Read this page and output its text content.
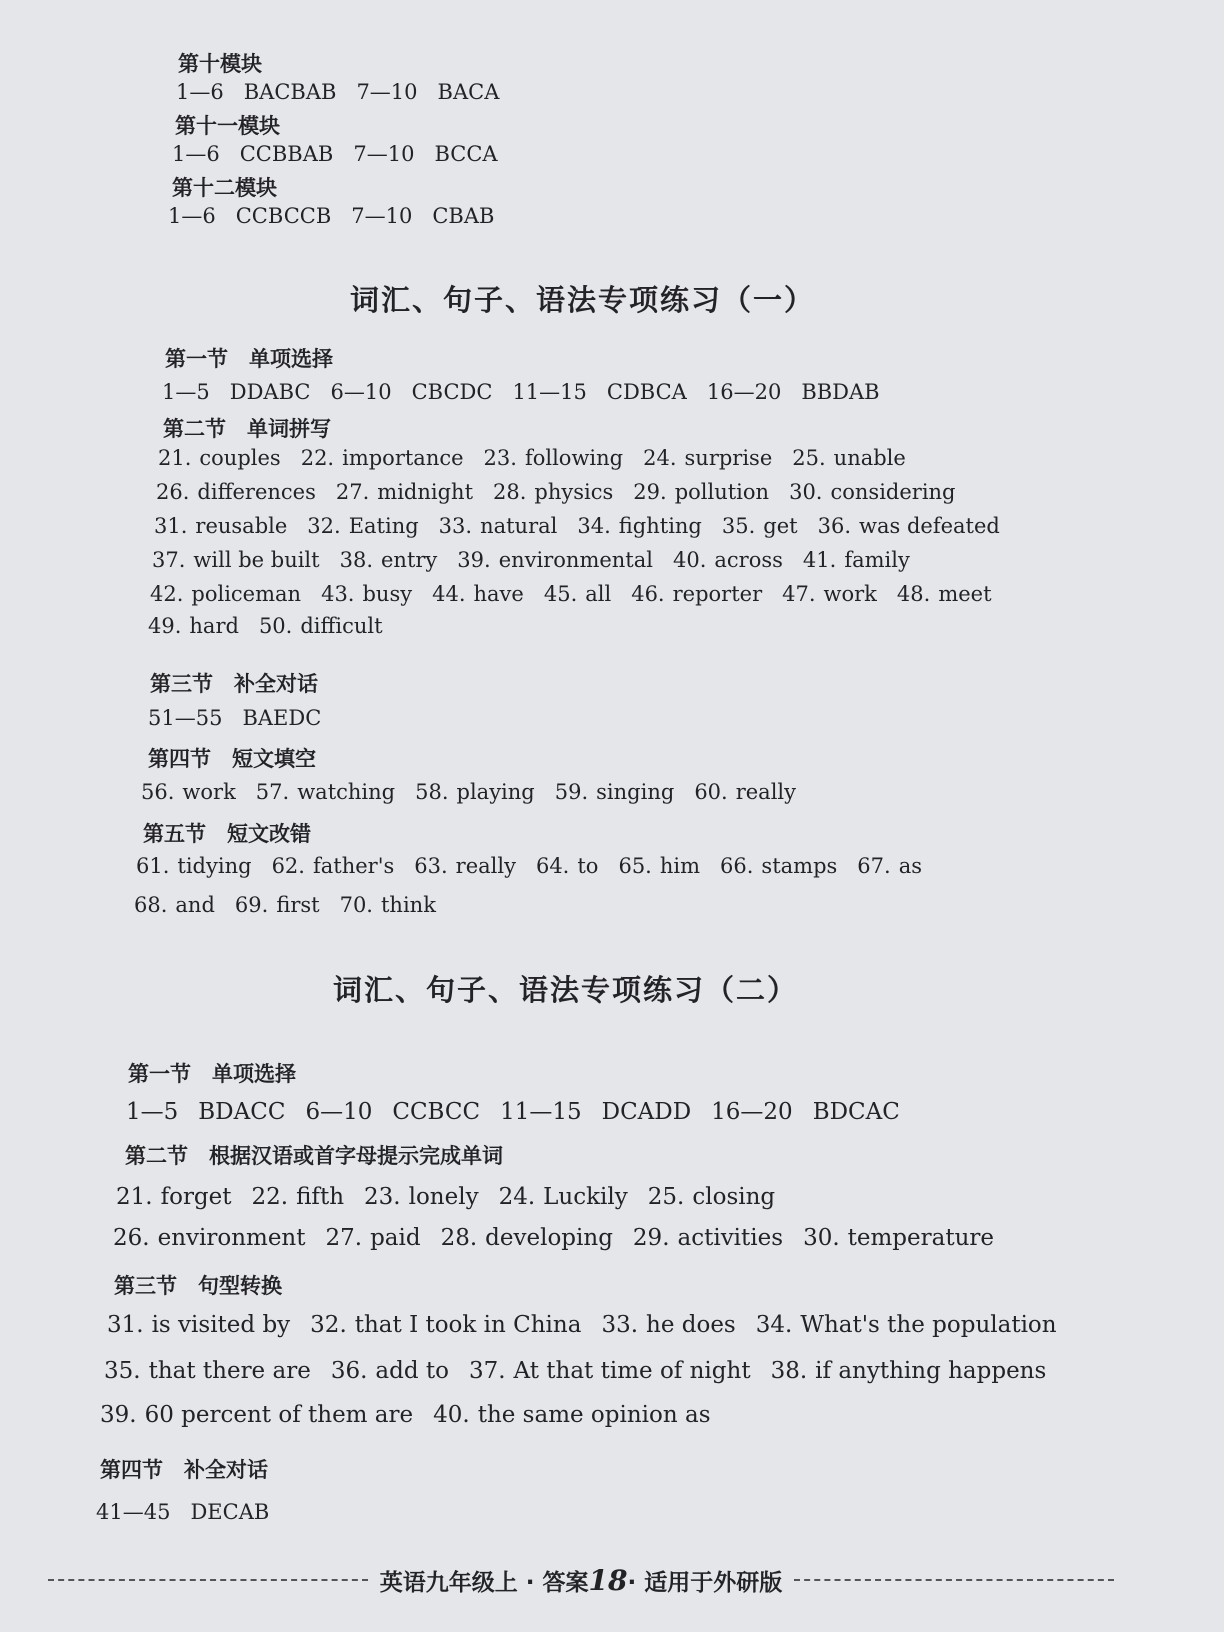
第十模块
1—6 BACBAB 7—10 BACA
第十一模块
1—6 CCBBAB 7—10 BCCA
第十二模块
1—6 CCBCCB 7—10 CBAB
词汇、句子、语法专项练习（一）
第一节　单项选择
1—5 DDABC 6—10 CBCDC 11—15 CDBCA 16—20 BBDAB
第二节　单词拼写
21. couples 22. importance 23. following 24. surprise 25. unable
26. differences 27. midnight 28. physics 29. pollution 30. considering
31. reusable 32. Eating 33. natural 34. fighting 35. get 36. was defeated
37. will be built 38. entry 39. environmental 40. across 41. family
42. policeman 43. busy 44. have 45. all 46. reporter 47. work 48. meet
49. hard 50. difficult
第三节　补全对话
51—55 BAEDC
第四节　短文填空
56. work 57. watching 58. playing 59. singing 60. really
第五节　短文改错
61. tidying 62. father's 63. really 64. to 65. him 66. stamps 67. as
68. and 69. first 70. think
词汇、句子、语法专项练习（二）
第一节　单项选择
1—5 BDACC 6—10 CCBCC 11—15 DCADD 16—20 BDCAC
第二节　根据汉语或首字母提示完成单词
21. forget 22. fifth 23. lonely 24. Luckily 25. closing
26. environment 27. paid 28. developing 29. activities 30. temperature
第三节　句型转换
31. is visited by 32. that I took in China 33. he does 34. What's the population
35. that there are 36. add to 37. At that time of night 38. if anything happens
39. 60 percent of them are 40. the same opinion as
第四节　补全对话
41—45 DECAB
英语九年级上 · 答案 18 · 适用于外研版
